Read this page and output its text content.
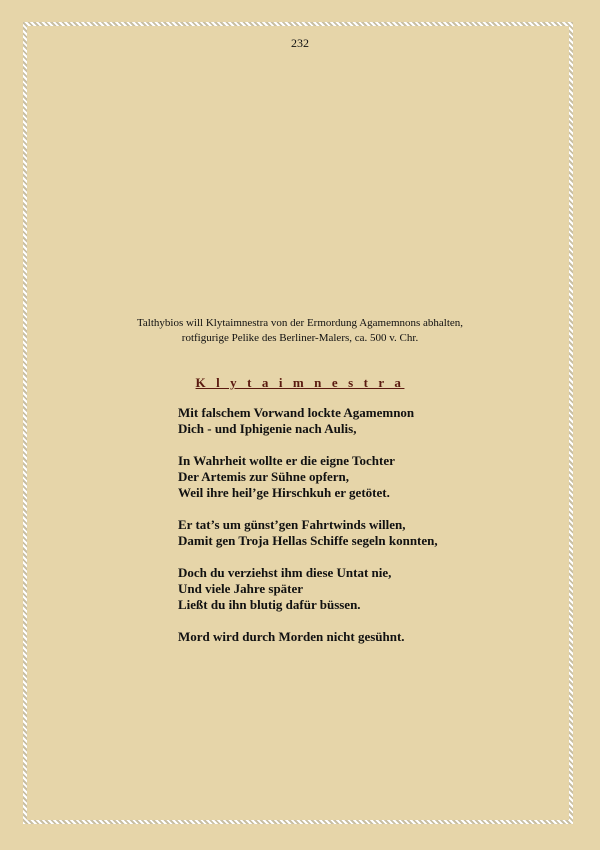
232
Talthybios will Klytaimnestra von der Ermordung Agamemnons abhalten,
rotfigurige Pelike des Berliner-Malers, ca. 500 v. Chr.
K l y t a i m n e s t r a
Mit falschem Vorwand lockte Agamemnon
Dich - und Iphigenie nach Aulis,
In Wahrheit wollte er die eigne Tochter
Der Artemis zur Sühne opfern,
Weil ihre heil’ge Hirschkuh er getötet.
Er tat’s um günst’gen Fahrtwinds willen,
Damit gen Troja Hellas Schiffe segeln konnten,
Doch du verziehst ihm diese Untat nie,
Und viele Jahre später
Ließt du ihn blutig dafür büssen.
Mord wird durch Morden nicht gesühnt.
